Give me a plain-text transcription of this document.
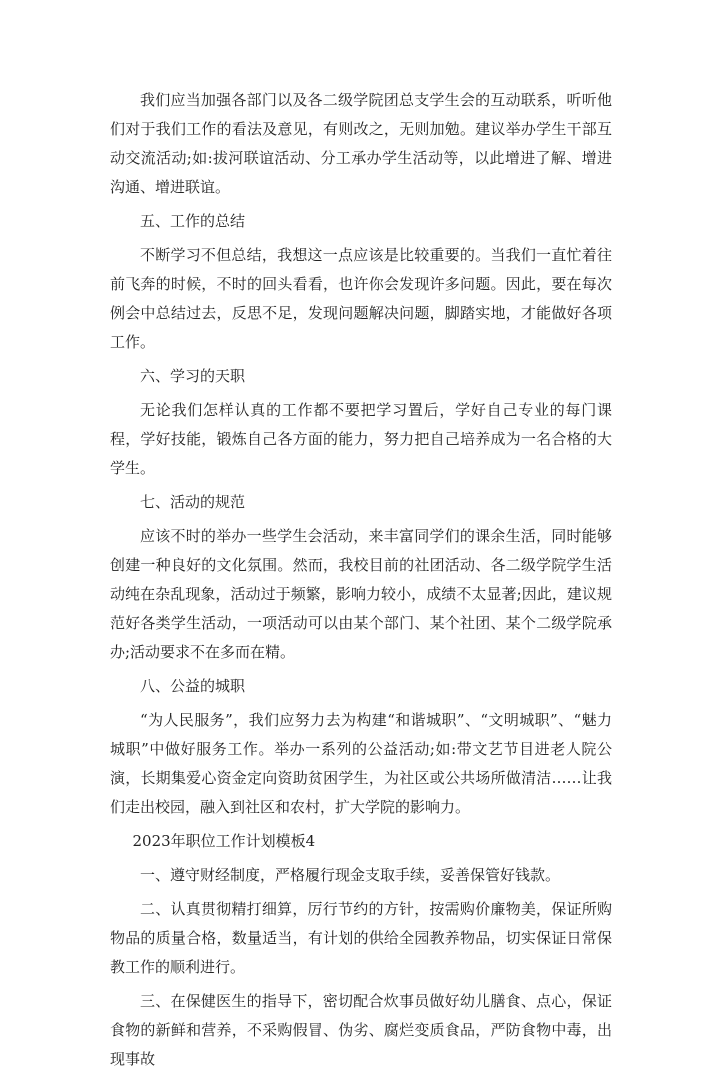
我们应当加强各部门以及各二级学院团总支学生会的互动联系，听听他们对于我们工作的看法及意见，有则改之，无则加勉。建议举办学生干部互动交流活动;如:拔河联谊活动、分工承办学生活动等，以此增进了解、增进沟通、增进联谊。

五、工作的总结

不断学习不但总结，我想这一点应该是比较重要的。当我们一直忙着往前飞奔的时候，不时的回头看看，也许你会发现许多问题。因此，要在每次例会中总结过去，反思不足，发现问题解决问题，脚踏实地，才能做好各项工作。

六、学习的天职

无论我们怎样认真的工作都不要把学习置后，学好自己专业的每门课程，学好技能，锻炼自己各方面的能力，努力把自己培养成为一名合格的大学生。

七、活动的规范

应该不时的举办一些学生会活动，来丰富同学们的课余生活，同时能够创建一种良好的文化氛围。然而，我校目前的社团活动、各二级学院学生活动纯在杂乱现象，活动过于频繁，影响力较小，成绩不太显著;因此，建议规范好各类学生活动，一项活动可以由某个部门、某个社团、某个二级学院承办;活动要求不在多而在精。

八、公益的城职

“为人民服务”，我们应努力去为构建“和谐城职”、“文明城职”、“魅力城职”中做好服务工作。举办一系列的公益活动;如:带文艺节目进老人院公演，长期集爱心资金定向资助贫困学生，为社区或公共场所做清洁……让我们走出校园，融入到社区和农村，扩大学院的影响力。

2023年职位工作计划模板4

一、遵守财经制度，严格履行现金支取手续，妥善保管好钱款。

二、认真贯彻精打细算，厉行节约的方针，按需购价廉物美，保证所购物品的质量合格，数量适当，有计划的供给全园教养物品，切实保证日常保教工作的顺利进行。

三、在保健医生的指导下，密切配合炊事员做好幼儿膳食、点心，保证食物的新鲜和营养，不采购假冒、伪劣、腐烂变质食品，严防食物中毒，出现事故
